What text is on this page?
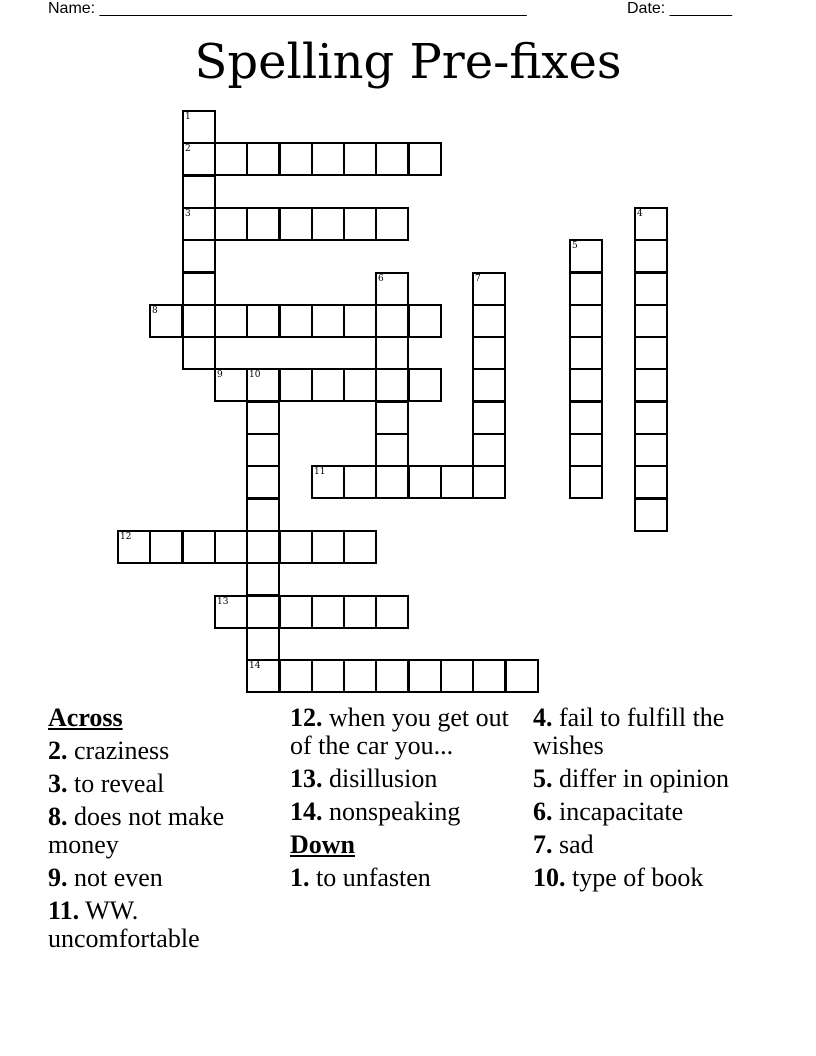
Name: ________________________________________________	Date: _______
Spelling Pre-fixes
1
2
3	4
5
6	7
8
9	10
11
12
13
14
Across
2. craziness
3. to reveal
8. does not make money
9. not even
11. WW. uncomfortable
12. when you get out of the car you...
13. disillusion
14. nonspeaking
Down
1. to unfasten
4. fail to fulfill the wishes
5. differ in opinion
6. incapacitate
7. sad
10. type of book
